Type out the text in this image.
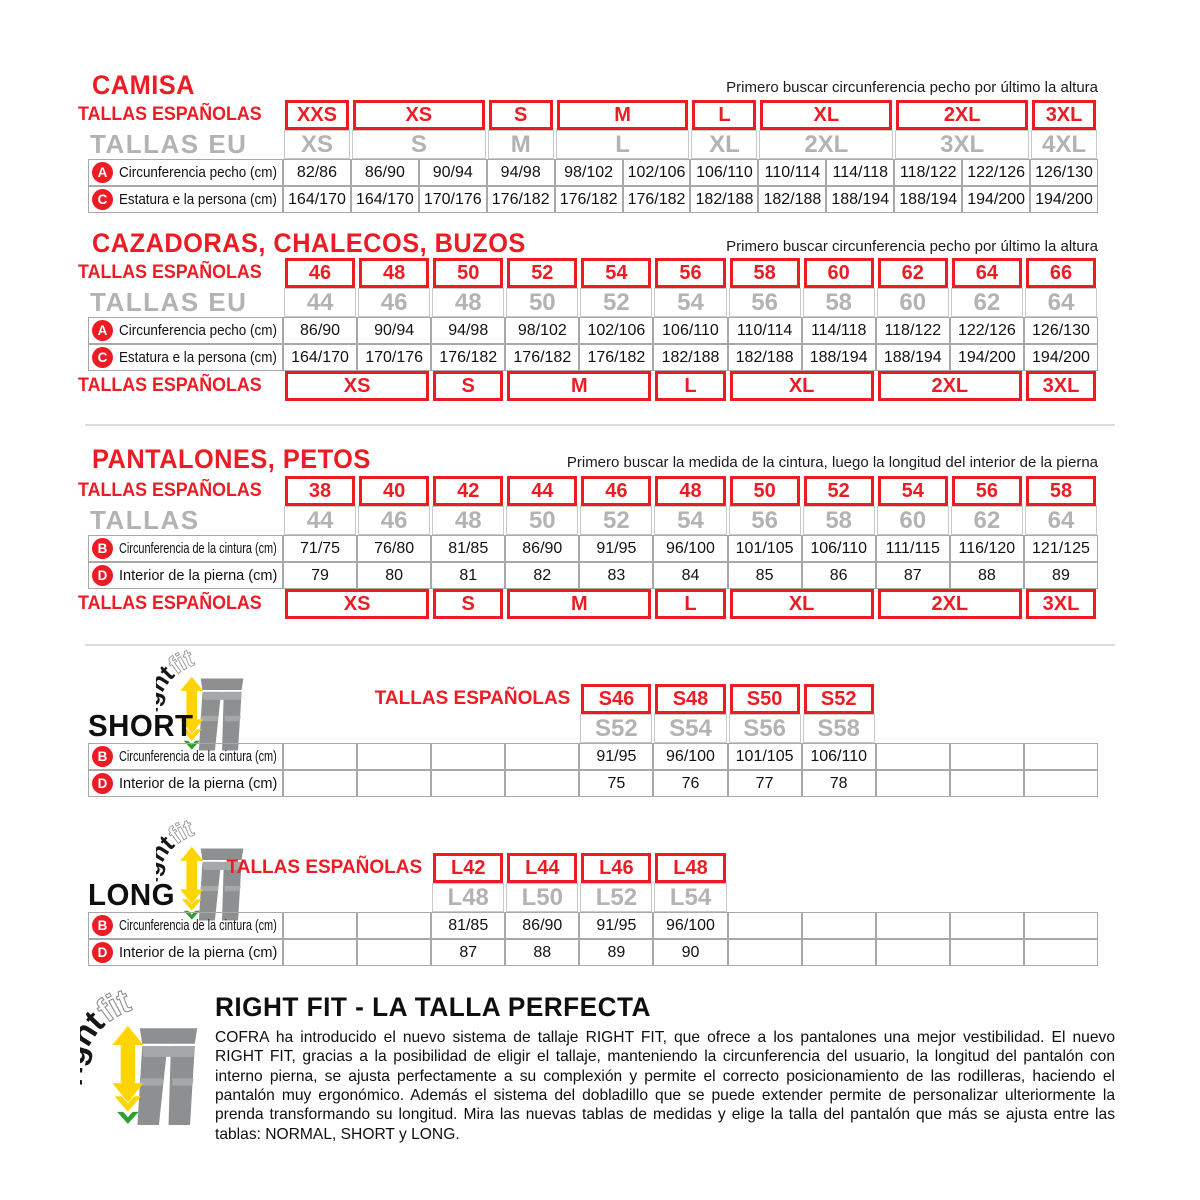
CAMISA	Primero buscar circunferencia pecho por último la altura
TALLAS ESPAÑOLAS XXS	XS	S	M	L	XL	2XL	3XL
TALLAS EU XS	S	M	L	XL	2XL	3XL 4XL
A Circunferencia pecho (cm) 82/86 86/90 90/94 94/98 98/102 102/106 106/110 110/114 114/118 118/122 122/126 126/130
C Estatura e la persona (cm) 164/170 164/170 170/176 176/182 176/182 176/182 182/188 182/188 188/194 188/194 194/200 194/200
CAZADORAS, CHALECOS, BUZOS	Primero buscar circunferencia pecho por último la altura
TALLAS ESPAÑOLAS 46	48	50	52	54	56	58	60	62	64	66
TALLAS EU 44 46 48 50 52 54 56 58 60 62 64
A Circunferencia pecho (cm) 86/90 90/94 94/98 98/102 102/106 106/110 110/114 114/118 118/122 122/126 126/130
C Estatura e la persona (cm) 164/170 170/176 176/182 176/182 176/182 182/188 182/188 188/194 188/194 194/200 194/200
TALLAS ESPAÑOLAS	XS	S	M	L	XL	2XL	3XL
PANTALONES, PETOS	Primero buscar la medida de la cintura, luego la longitud del interior de la pierna
TALLAS ESPAÑOLAS 38	40	42	44	46	48	50	52	54	56	58
TALLAS	44 46 48 50 52 54 56 58 60 62 64
B Circunferencia de la cintura (cm) 71/75 76/80 81/85 86/90 91/95 96/100 101/105 106/110 111/115 116/120 121/125
D Interior de la pierna (cm) 79	80	81	82	83	84	85	86	87	88	89
TALLAS ESPAÑOLAS	XS	S	M	L	XL	2XL	3XL
SHORT
TALLAS ESPAÑOLAS S46 S48 S50 S52
S52 S54 S56 S58
B Circunferencia de la cintura (cm)	91/95 96/100 101/105 106/110
D Interior de la pierna (cm)	75	76	77	78
LONG
TALLAS ESPAÑOLAS L42 L44 L46 L48
L48 L50 L52 L54
B Circunferencia de la cintura (cm)	81/85 86/90 91/95 96/100
D Interior de la pierna (cm)	87	88	89	90
RIGHT FIT - LA TALLA PERFECTA
COFRA ha introducido el nuevo sistema de tallaje RIGHT FIT, que ofrece a los pantalones una mejor vestibilidad. El nuevo RIGHT FIT, gracias a la posibilidad de eligir el tallaje, manteniendo la circunferencia del usuario, la longitud del pantalón con interno pierna, se ajusta perfectamente a su complexión y permite el correcto posicionamiento de las rodilleras, haciendo el pantalón muy ergonómico. Además el sistema del dobladillo que se puede extender permite de personalizar ulteriormente la prenda transformando su longitud. Mira las nuevas tablas de medidas y elige la talla del pantalón que más se ajusta entre las tablas: NORMAL, SHORT y LONG.
